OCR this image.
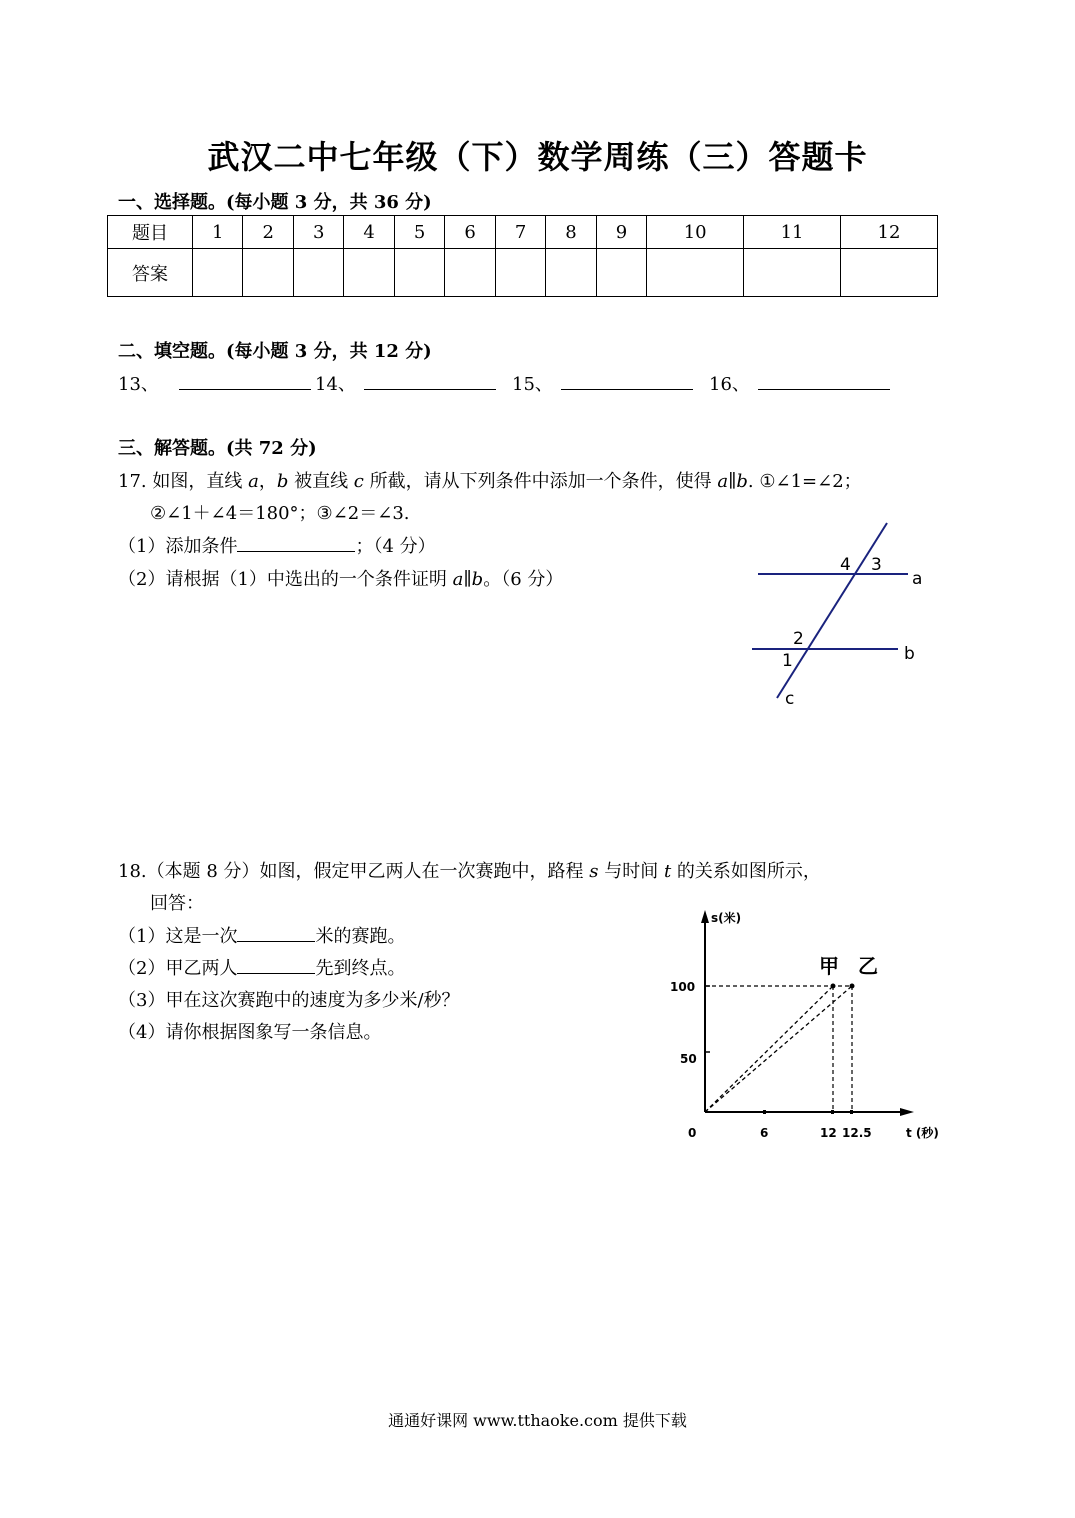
武汉二中七年级（下）数学周练（三）答题卡
一、选择题。(每小题 3 分，共 36 分)
题目	1	2	3	4	5	6	7	8	9	10	11	12
答案												
二、填空题。(每小题 3 分，共 12 分)
13、	14、	15、	16、
三、解答题。(共 72 分)
17. 如图，直线 a，b 被直线 c 所截，请从下列条件中添加一个条件，使得 a∥b. ①∠1=∠2；
②∠1＋∠4＝180°；③∠2＝∠3.
（1）添加条件	；（4 分）
（2）请根据（1）中选出的一个条件证明 a∥b。（6 分）
4 3
a
2
1	b
c
18.（本题 8 分）如图，假定甲乙两人在一次赛跑中，路程 s 与时间 t 的关系如图所示，
回答：
（1）这是一次	米的赛跑。
（2）甲乙两人	先到终点。
（3）甲在这次赛跑中的速度为多少米/秒？
（4）请你根据图象写一条信息。
s(米)
t (秒)
100
50
0	6	12 12.5
甲 乙
通通好课网 www.tthaoke.com 提供下载
